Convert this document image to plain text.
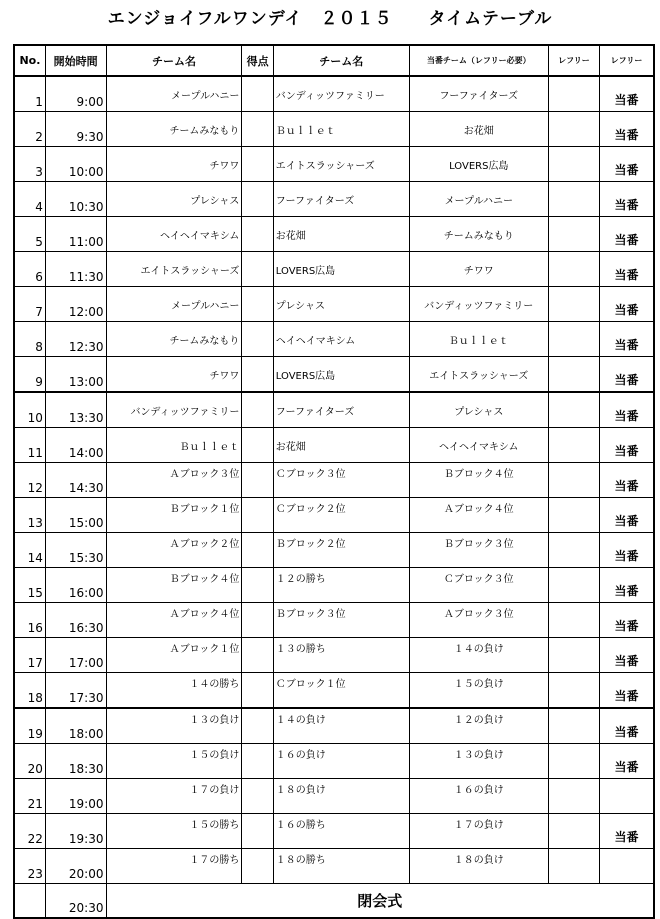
エンジョイフルワンデイ　２０１５　　タイムテーブル
No.	開始時間	チーム名	得点	チーム名	当番チーム（レフリー必要）	レフリー	レフリー
1	9:00	メープルハニー		バンディッツファミリー	フーファイターズ		当番
2	9:30	チームみなもり		Ｂｕｌｌｅｔ	お花畑		当番
3	10:00	チワワ		エイトスラッシャーズ	LOVERS広島		当番
4	10:30	プレシャス		フーファイターズ	メープルハニー		当番
5	11:00	ヘイヘイマキシム		お花畑	チームみなもり		当番
6	11:30	エイトスラッシャーズ		LOVERS広島	チワワ		当番
7	12:00	メープルハニー		プレシャス	バンディッツファミリー		当番
8	12:30	チームみなもり		ヘイヘイマキシム	Ｂｕｌｌｅｔ		当番
9	13:00	チワワ		LOVERS広島	エイトスラッシャーズ		当番
10	13:30	バンディッツファミリー		フーファイターズ	プレシャス		当番
11	14:00	Ｂｕｌｌｅｔ		お花畑	ヘイヘイマキシム		当番
12	14:30	Ａブロック３位		Ｃブロック３位	Ｂブロック４位		当番
13	15:00	Ｂブロック１位		Ｃブロック２位	Ａブロック４位		当番
14	15:30	Ａブロック２位		Ｂブロック２位	Ｂブロック３位		当番
15	16:00	Ｂブロック４位		１２の勝ち	Ｃブロック３位		当番
16	16:30	Ａブロック４位		Ｂブロック３位	Ａブロック３位		当番
17	17:00	Ａブロック１位		１３の勝ち	１４の負け		当番
18	17:30	１４の勝ち		Ｃブロック１位	１５の負け		当番
19	18:00	１３の負け		１４の負け	１２の負け		当番
20	18:30	１５の負け		１６の負け	１３の負け		当番
21	19:00	１７の負け		１８の負け	１６の負け		
22	19:30	１５の勝ち		１６の勝ち	１７の負け		当番
23	20:00	１７の勝ち		１８の勝ち	１８の負け		
	20:30	閉会式					
